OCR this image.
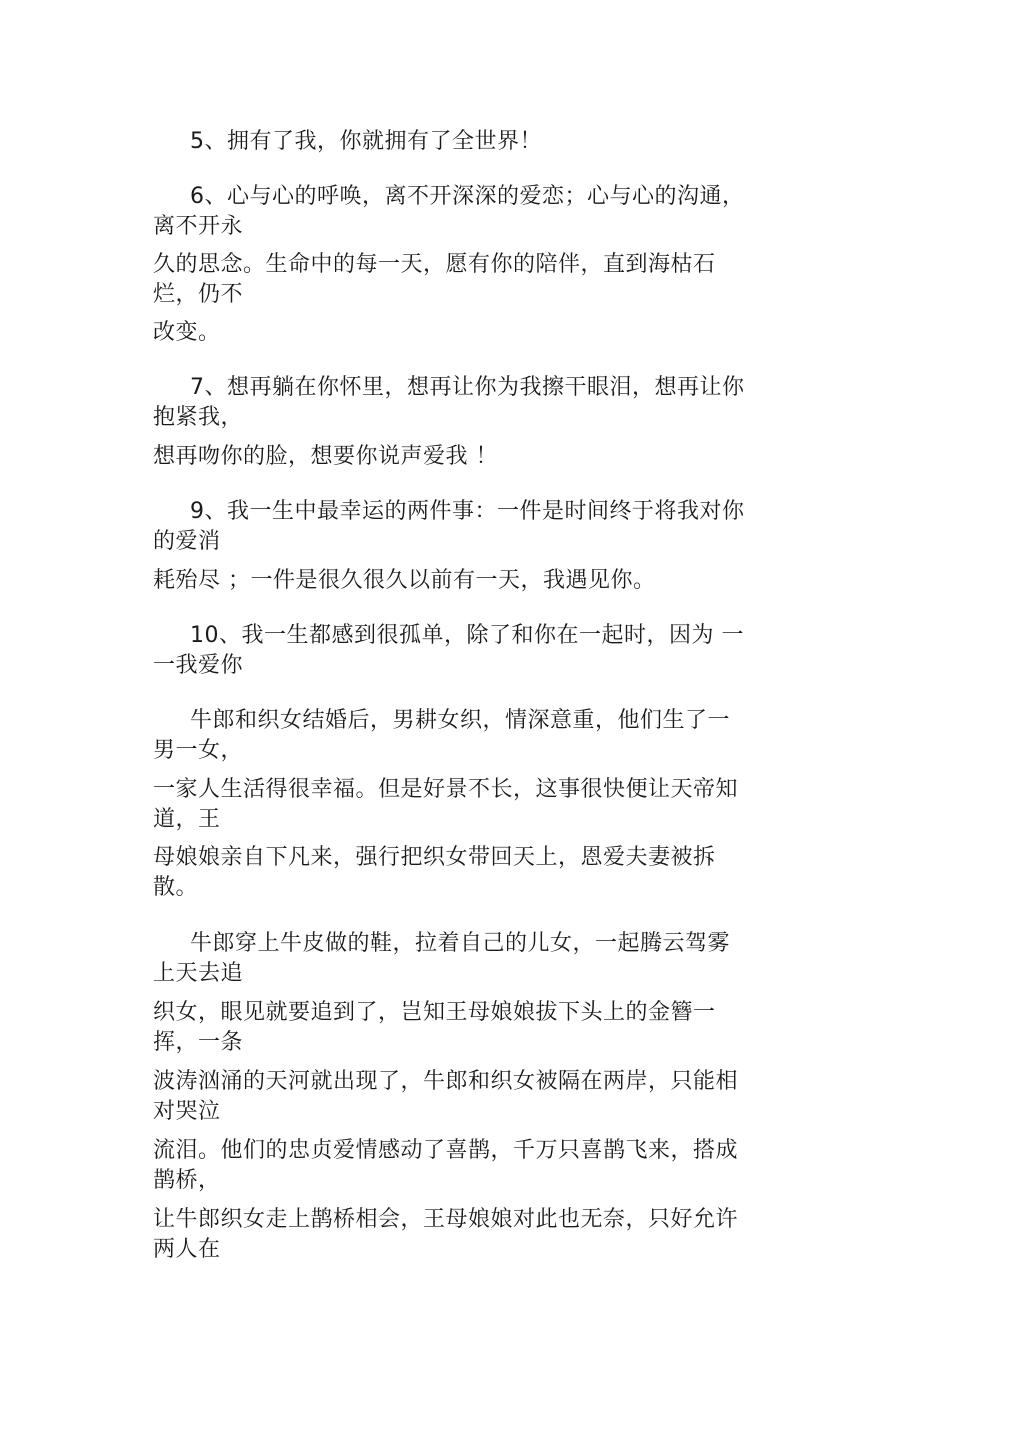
5、拥有了我，你就拥有了全世界！
6、心与心的呼唤，离不开深深的爱恋；心与心的沟通，
离不开永
久的思念。生命中的每一天，愿有你的陪伴，直到海枯石
烂，仍不
改变。
7、想再躺在你怀里，想再让你为我擦干眼泪，想再让你
抱紧我，
想再吻你的脸，想要你说声爱我 ！
9、我一生中最幸运的两件事：一件是时间终于将我对你
的爱消
耗殆尽 ；一件是很久很久以前有一天，我遇见你。
10、我一生都感到很孤单，除了和你在一起时，因为 一
一我爱你
牛郎和织女结婚后，男耕女织，情深意重，他们生了一
男一女，
一家人生活得很幸福。但是好景不长，这事很快便让天帝知
道，王
母娘娘亲自下凡来，强行把织女带回天上，恩爱夫妻被拆
散。
牛郎穿上牛皮做的鞋，拉着自己的儿女，一起腾云驾雾
上天去追
织女，眼见就要追到了，岂知王母娘娘拔下头上的金簪一
挥，一条
波涛汹涌的天河就出现了，牛郎和织女被隔在两岸，只能相
对哭泣
流泪。他们的忠贞爱情感动了喜鹊，千万只喜鹊飞来，搭成
鹊桥，
让牛郎织女走上鹊桥相会，王母娘娘对此也无奈，只好允许
两人在
